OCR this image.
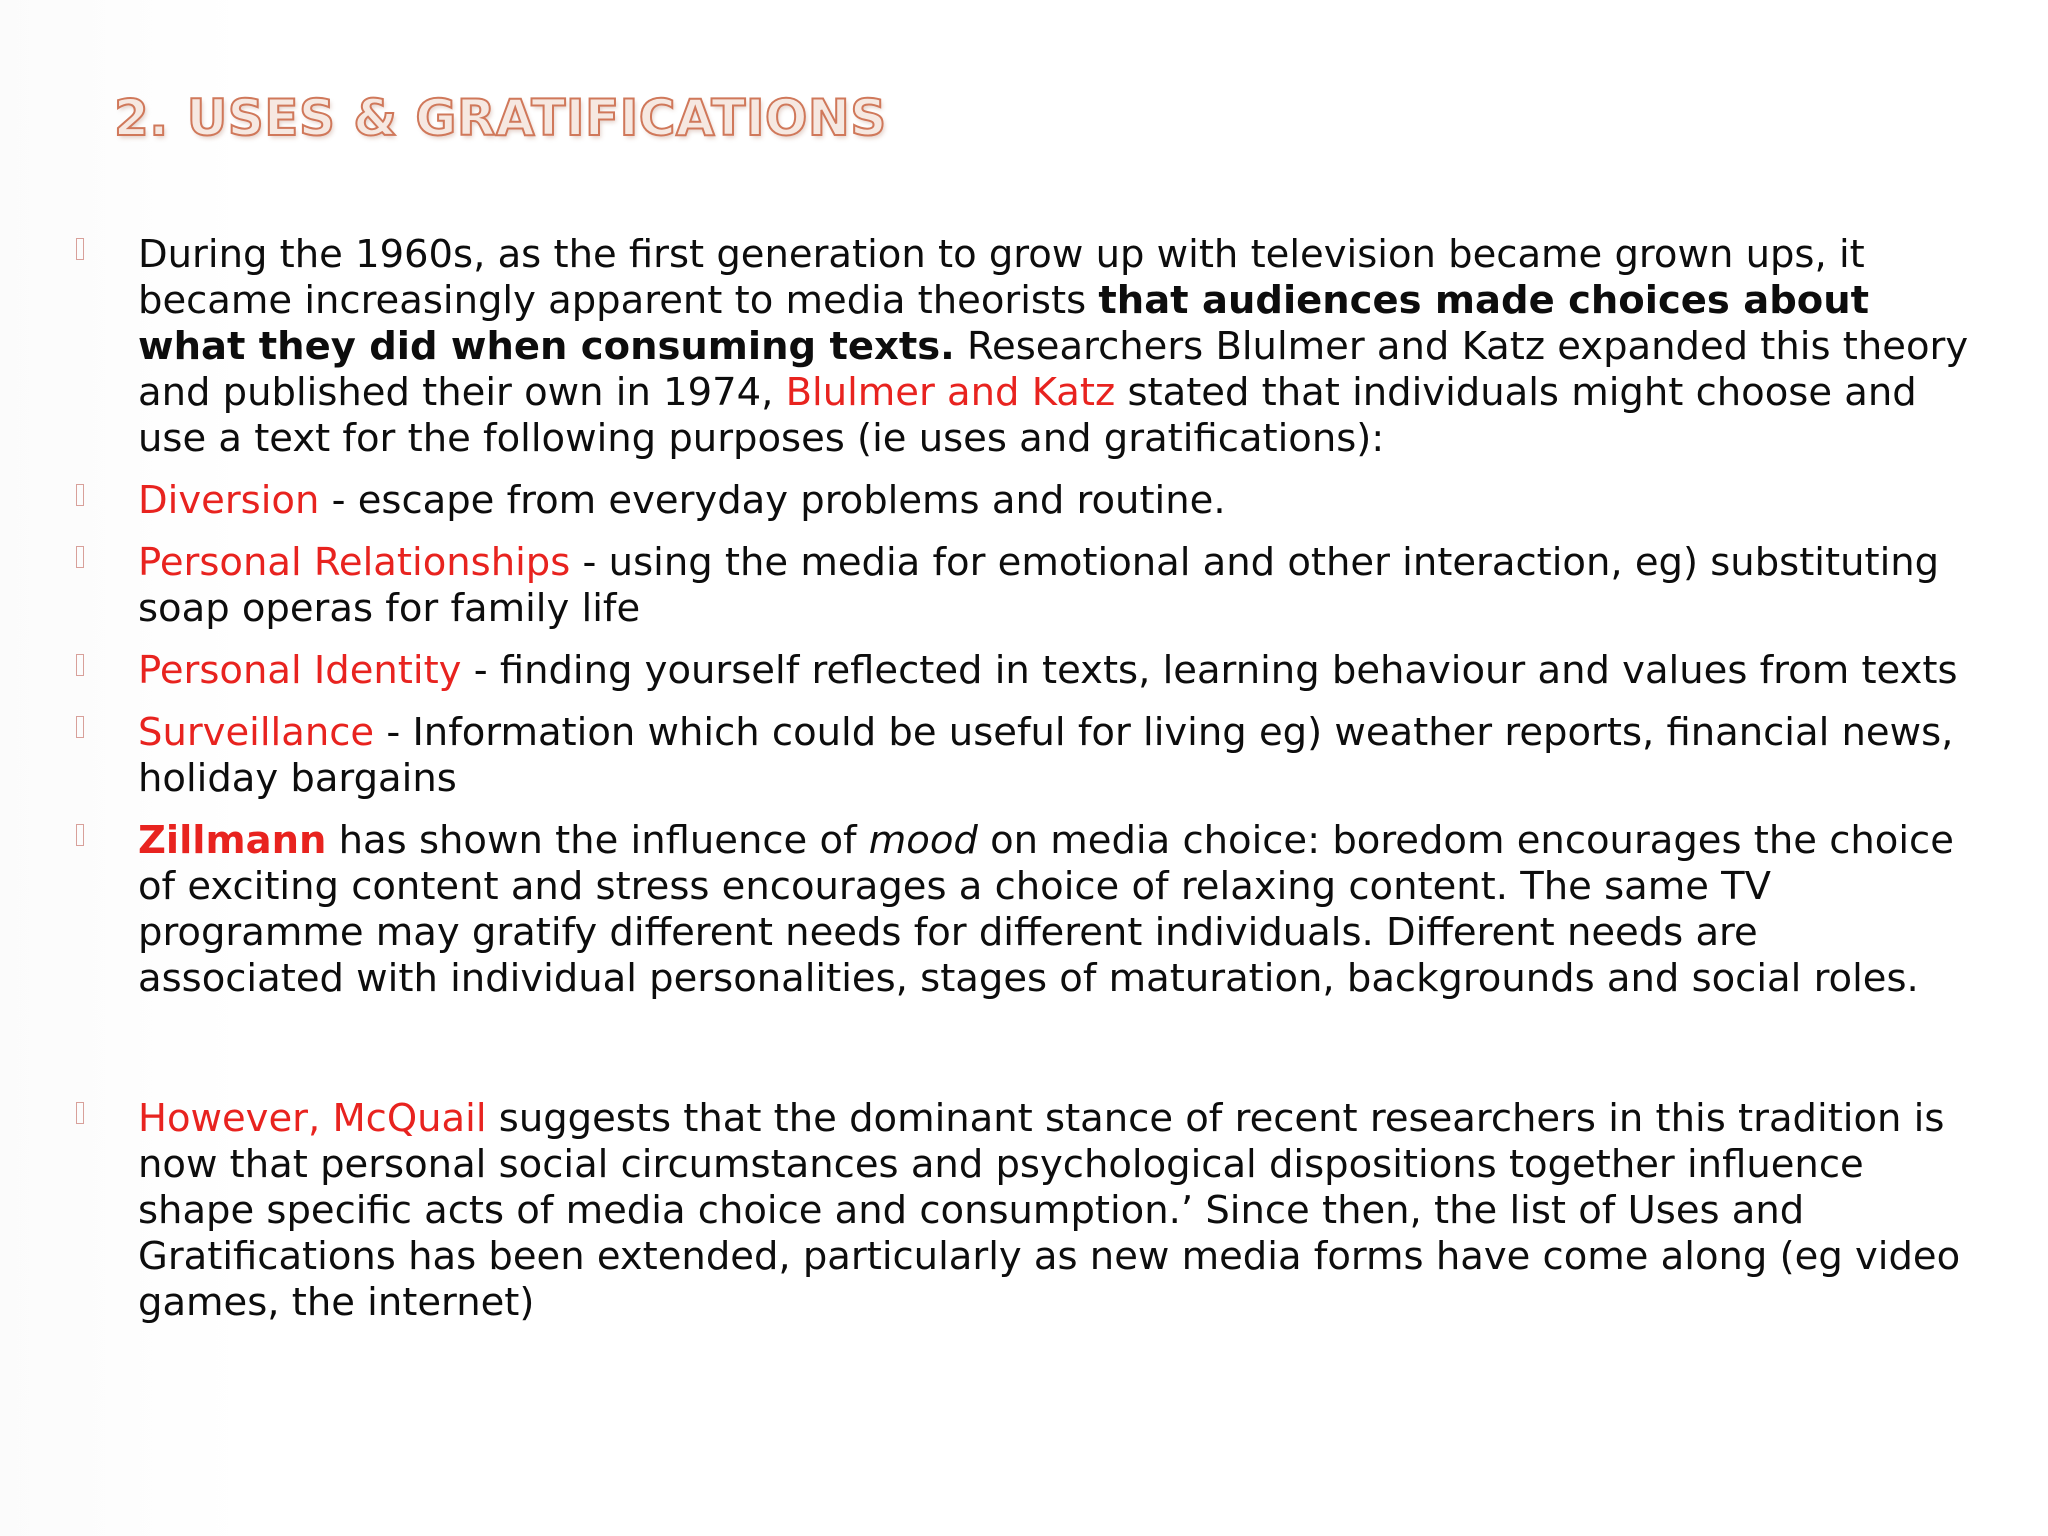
2. USES & GRATIFICATIONS
During the 1960s, as the first generation to grow up with television became grown ups, it became increasingly apparent to media theorists that audiences made choices about what they did when consuming texts. Researchers Blulmer and Katz expanded this theory and published their own in 1974, Blulmer and Katz stated that individuals might choose and use a text for the following purposes (ie uses and gratifications):
Diversion - escape from everyday problems and routine.
Personal Relationships - using the media for emotional and other interaction, eg) substituting soap operas for family life
Personal Identity - finding yourself reflected in texts, learning behaviour and values from texts
Surveillance - Information which could be useful for living eg) weather reports, financial news, holiday bargains
Zillmann has shown the influence of mood on media choice: boredom encourages the choice of exciting content and stress encourages a choice of relaxing content. The same TV programme may gratify different needs for different individuals. Different needs are associated with individual personalities, stages of maturation, backgrounds and social roles.
However, McQuail suggests that the dominant stance of recent researchers in this tradition is now that personal social circumstances and psychological dispositions together influence shape specific acts of media choice and consumption.’ Since then, the list of Uses and Gratifications has been extended, particularly as new media forms have come along (eg video games, the internet)
